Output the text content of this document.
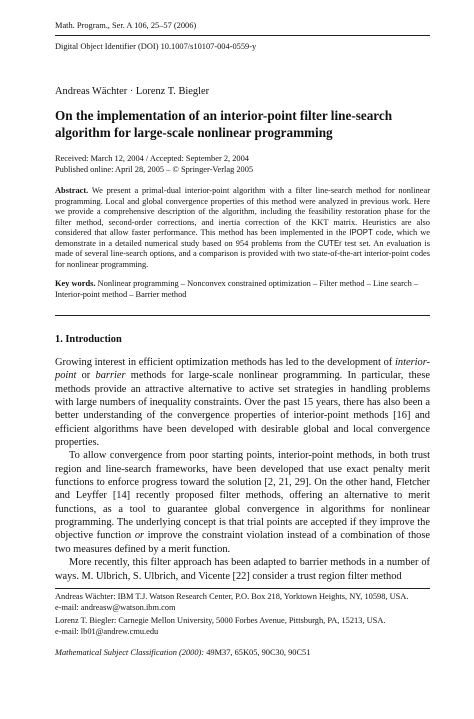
Math. Program., Ser. A 106, 25–57 (2006)
Digital Object Identifier (DOI) 10.1007/s10107-004-0559-y
Andreas Wächter · Lorenz T. Biegler
On the implementation of an interior-point filter line-search
algorithm for large-scale nonlinear programming
Received: March 12, 2004 / Accepted: September 2, 2004
Published online: April 28, 2005 – © Springer-Verlag 2005
Abstract. We present a primal-dual interior-point algorithm with a filter line-search method for nonlinear programming. Local and global convergence properties of this method were analyzed in previous work. Here we provide a comprehensive description of the algorithm, including the feasibility restoration phase for the filter method, second-order corrections, and inertia correction of the KKT matrix. Heuristics are also considered that allow faster performance. This method has been implemented in the IPOPT code, which we demonstrate in a detailed numerical study based on 954 problems from the CUTEr test set. An evaluation is made of several line-search options, and a comparison is provided with two state-of-the-art interior-point codes for nonlinear programming.
Key words. Nonlinear programming – Nonconvex constrained optimization – Filter method – Line search – Interior-point method – Barrier method
1. Introduction

Growing interest in efficient optimization methods has led to the development of interior-point or barrier methods for large-scale nonlinear programming. In particular, these methods provide an attractive alternative to active set strategies in handling problems with large numbers of inequality constraints. Over the past 15 years, there has also been a better understanding of the convergence properties of interior-point methods [16] and efficient algorithms have been developed with desirable global and local convergence properties.

To allow convergence from poor starting points, interior-point methods, in both trust region and line-search frameworks, have been developed that use exact penalty merit functions to enforce progress toward the solution [2, 21, 29]. On the other hand, Fletcher and Leyffer [14] recently proposed filter methods, offering an alternative to merit functions, as a tool to guarantee global convergence in algorithms for nonlinear programming. The underlying concept is that trial points are accepted if they improve the objective function or improve the constraint violation instead of a combination of those two measures defined by a merit function.

More recently, this filter approach has been adapted to barrier methods in a number of ways. M. Ulbrich, S. Ulbrich, and Vicente [22] consider a trust region filter method

Andreas Wächter: IBM T.J. Watson Research Center, P.O. Box 218, Yorktown Heights, NY, 10598, USA.
e-mail: andreasw@watson.ibm.com

Lorenz T. Biegler: Carnegie Mellon University, 5000 Forbes Avenue, Pittsburgh, PA, 15213, USA.
e-mail: lb01@andrew.cmu.edu

Mathematical Subject Classification (2000): 49M37, 65K05, 90C30, 90C51
